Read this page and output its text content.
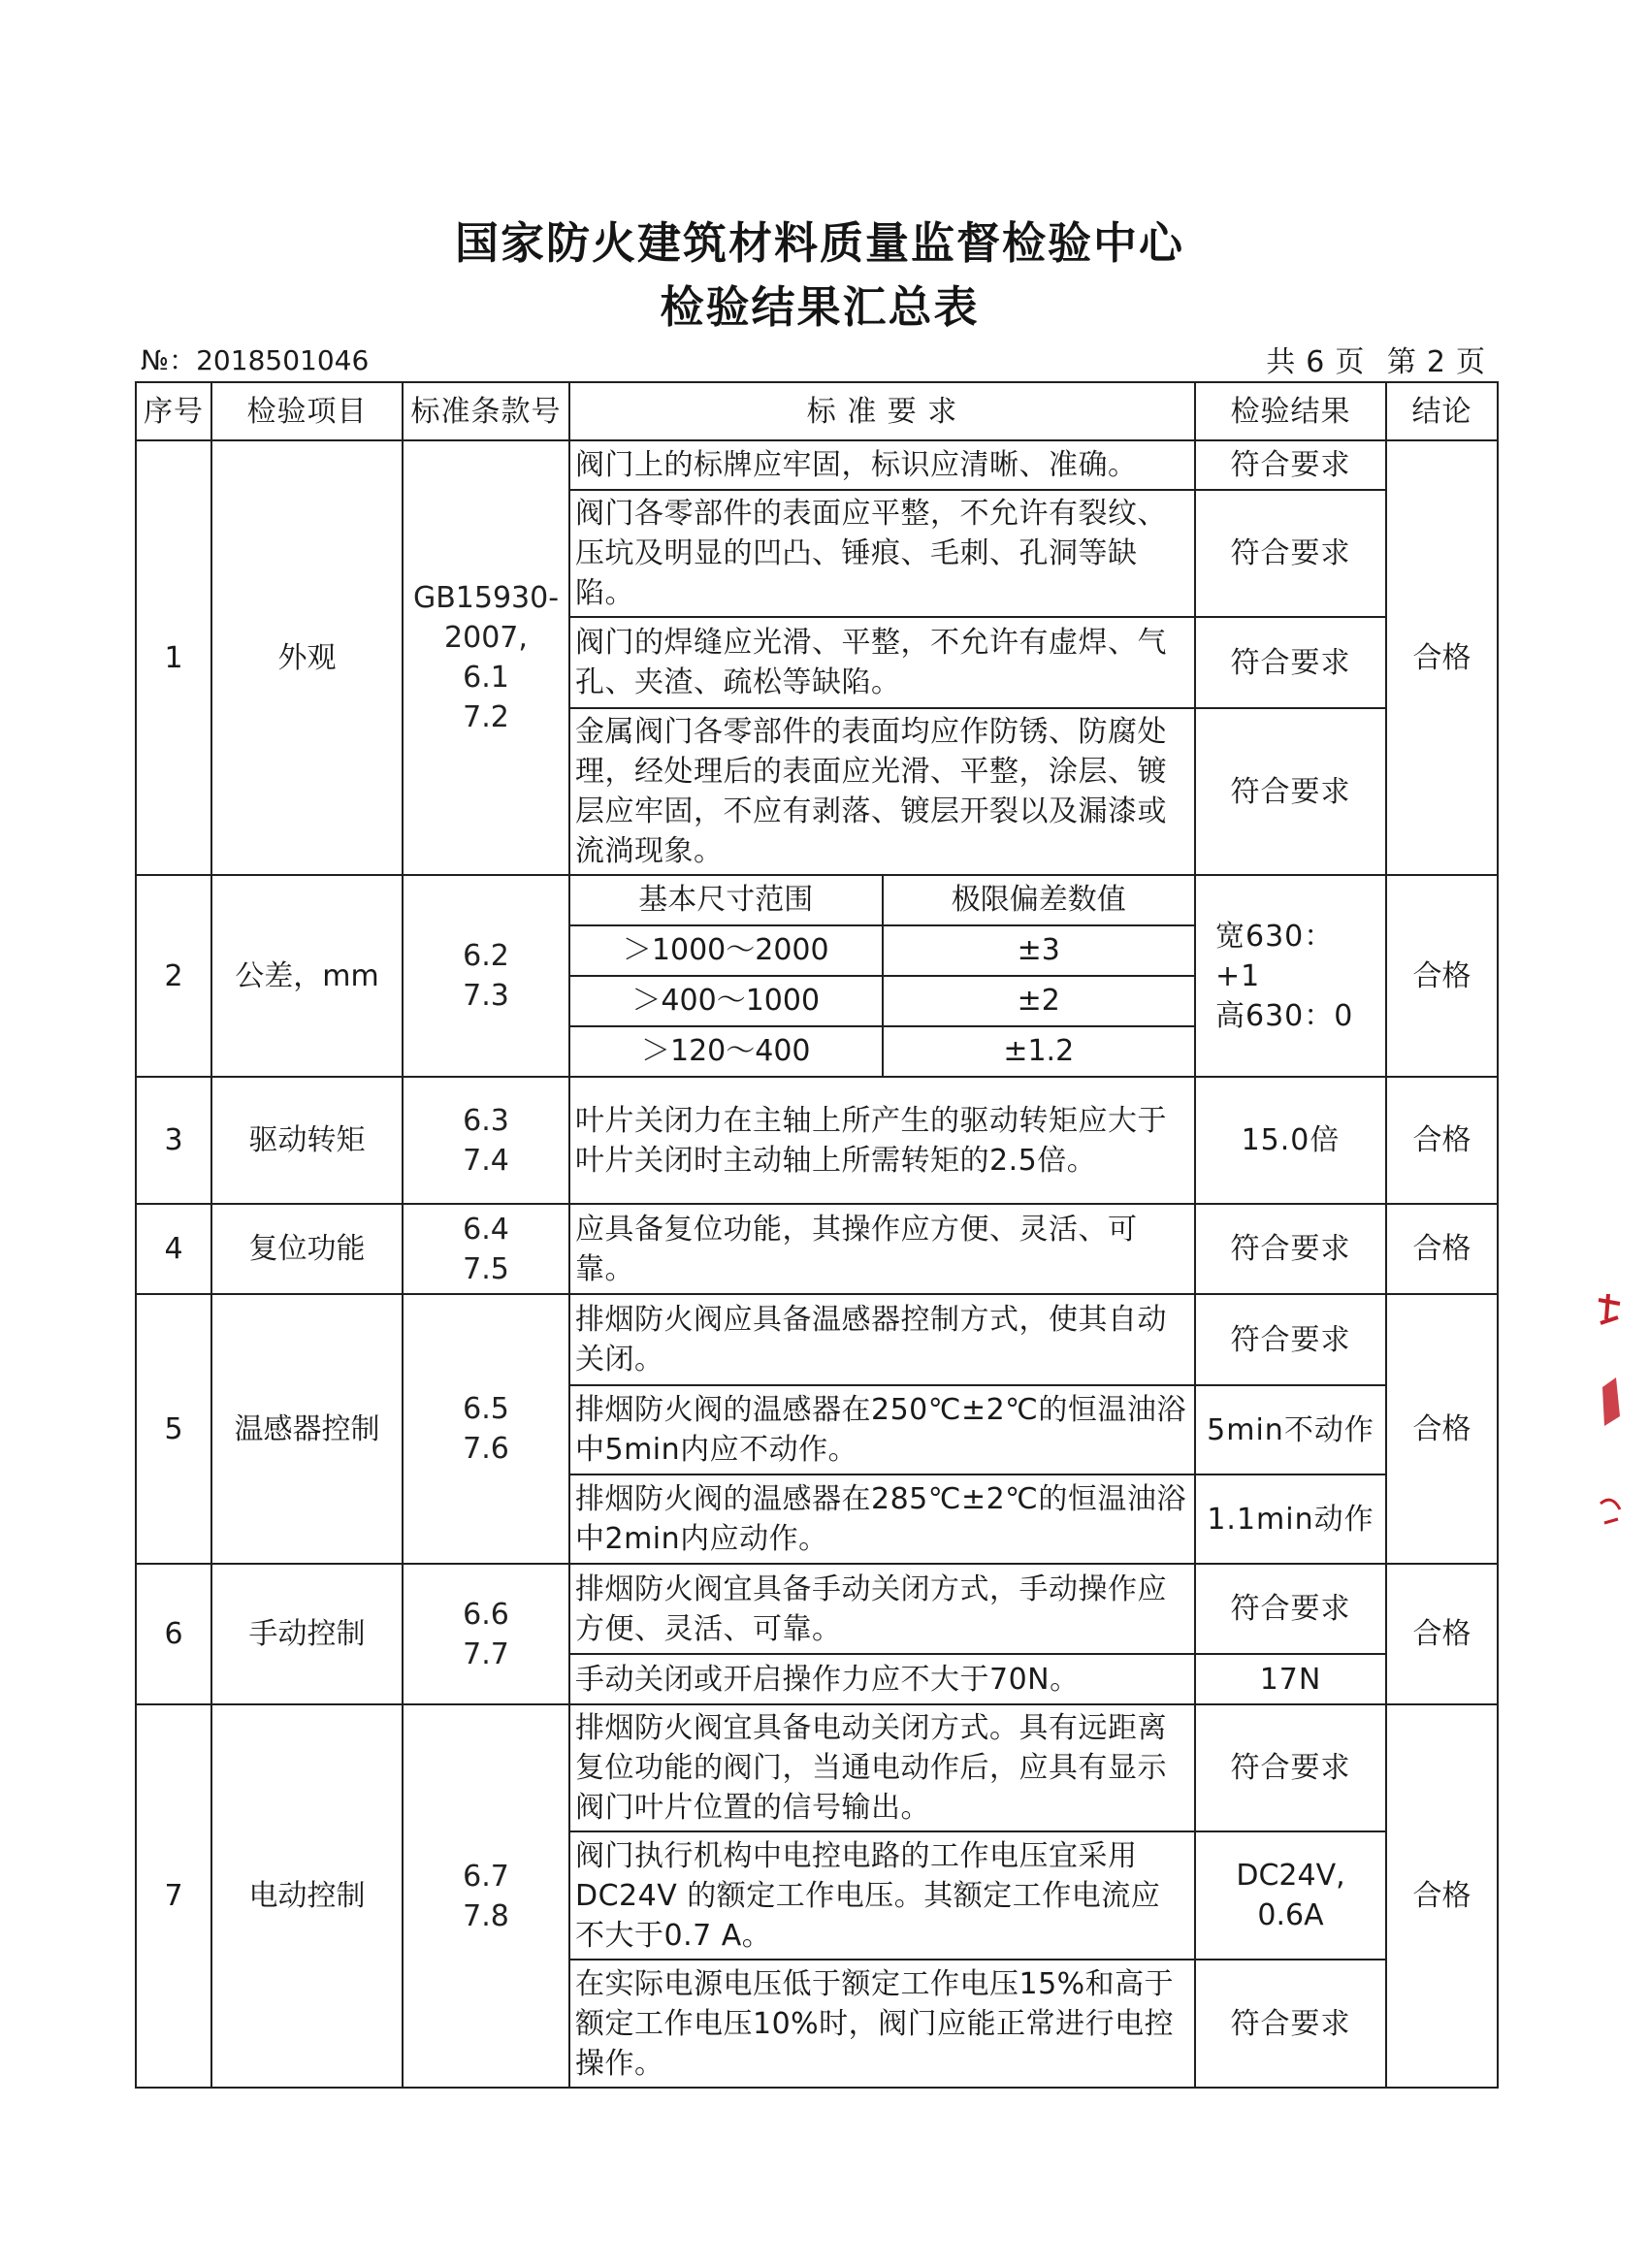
国家防火建筑材料质量监督检验中心
检验结果汇总表
№：2018501046	共 6 页 第 2 页
序号	检验项目	标准条款号	标 准 要 求	检验结果	结论
1	外观	
GB15930-
2007,
6.1
7.2
	阀门上的标牌应牢固，标识应清晰、准确。	符合要求	合格
阀门各零部件的表面应平整，不允许有裂纹、压坑及明显的凹凸、锤痕、毛刺、孔洞等缺陷。	符合要求
阀门的焊缝应光滑、平整，不允许有虚焊、气孔、夹渣、疏松等缺陷。	符合要求
金属阀门各零部件的表面均应作防锈、防腐处理，经处理后的表面应光滑、平整，涂层、镀层应牢固，不应有剥落、镀层开裂以及漏漆或流淌现象。	符合要求
2	公差，mm	
6.2
7.3

基本尺寸范围	极限偏差数值
＞1000～2000	±3
＞400～1000	±2
＞120～400	±1.2

宽630：+1
高630：0
	合格
3	驱动转矩	
6.3
7.4
	叶片关闭力在主轴上所产生的驱动转矩应大于叶片关闭时主动轴上所需转矩的2.5倍。	15.0倍	合格
4	复位功能	
6.4
7.5
	应具备复位功能，其操作应方便、灵活、可靠。	符合要求	合格
5	温感器控制	
6.5
7.6
	排烟防火阀应具备温感器控制方式，使其自动关闭。	符合要求	合格
排烟防火阀的温感器在250℃±2℃的恒温油浴中5min内应不动作。	5min不动作
排烟防火阀的温感器在285℃±2℃的恒温油浴中2min内应动作。	1.1min动作
6	手动控制	
6.6
7.7
	排烟防火阀宜具备手动关闭方式，手动操作应方便、灵活、可靠。	符合要求	合格
手动关闭或开启操作力应不大于70N。	17N
7	电动控制	
6.7
7.8
	排烟防火阀宜具备电动关闭方式。具有远距离复位功能的阀门，当通电动作后，应具有显示阀门叶片位置的信号输出。	符合要求	合格
阀门执行机构中电控电路的工作电压宜采用 DC24V 的额定工作电压。其额定工作电流应不大于0.7 A。	DC24V, 0.6A
在实际电源电压低于额定工作电压15%和高于额定工作电压10%时，阀门应能正常进行电控操作。	符合要求
